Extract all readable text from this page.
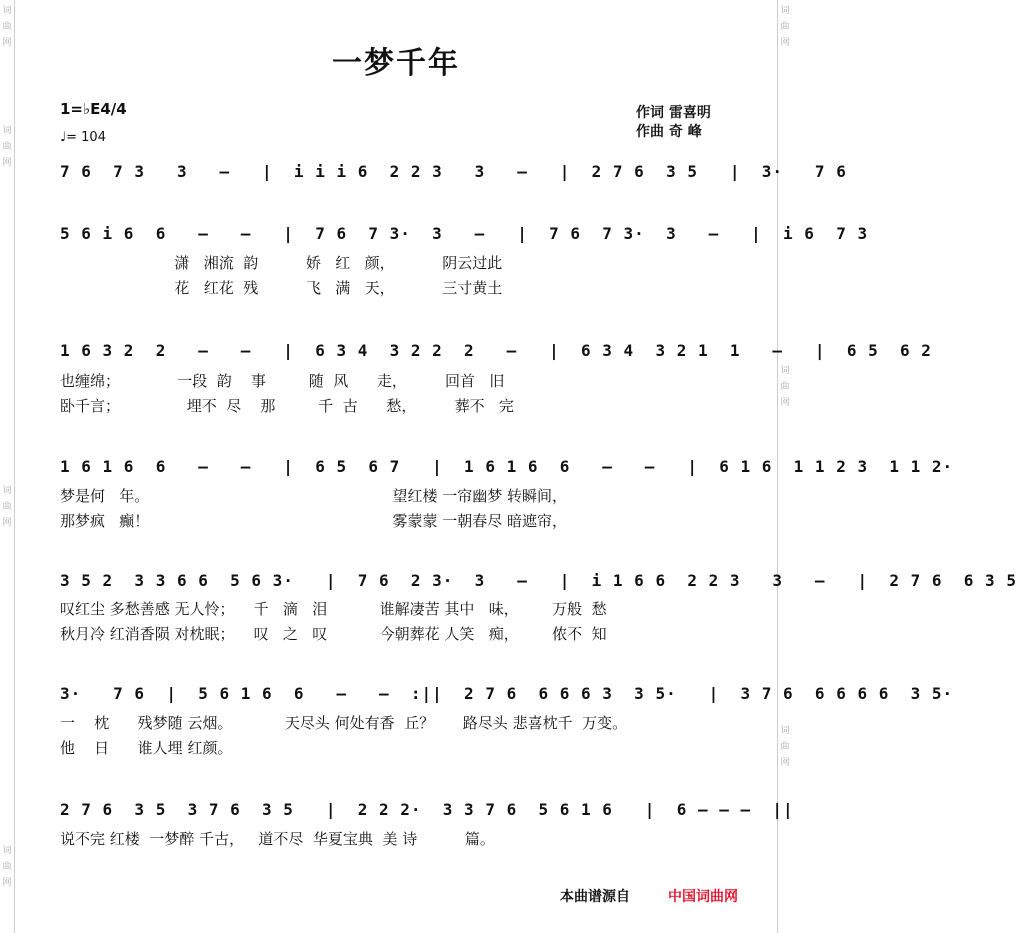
词
曲
网
词
曲
网
词
曲
网
词
曲
网
词
曲
网
词
曲
网
词
曲
网
一梦千年
1=♭E4/4
♩= 104
作词 雷喜明
作曲 奇 峰
7 6  7 3   3   –   |  i i i 6  2 2 3   3   –   |  2 7 6  3 5   |  3·   7 6
5 6 i 6  6   –   –   |  7 6  7 3·  3   –   |  7 6  7 3·  3   –   |  i 6  7 3
潇   湘流  韵          娇   红   颜，          阴云过此
花   红花  残          飞   满   天，          三寸黄土
1 6 3 2  2   –   –   |  6 3 4  3 2 2  2   –   |  6 3 4  3 2 1  1   –   |  6 5  6 2
也缠绵；            一段  韵    事         随  风      走，        回首   旧
卧千言；              埋不  尽    那         千  古      愁，        葬不   完
1 6 1 6  6   –   –   |  6 5  6 7   |  1 6 1 6  6   –   –   |  6 1 6  1 1 2 3  1 1 2·
梦是何   年。                                                   望红楼 一帘幽梦 转瞬间，
那梦疯   癫！                                                   雾蒙蒙 一朝春尽 暗遮帘，
3 5 2  3 3 6 6  5 6 3·   |  7 6  2 3·  3   –   |  i 1 6 6  2 2 3   3   –   |  2 7 6  6 3 5
叹红尘 多愁善感 无人怜；    千   滴   泪           谁解凄苦 其中   味，       万般  愁
秋月冷 红消香陨 对枕眠；    叹   之   叹           今朝葬花 人笑   痴，       侬不  知
3·   7 6  |  5 6 1 6  6   –   –  :||  2 7 6  6 6 6 3  3 5·   |  3 7 6  6 6 6 6  3 5·
一    枕      残梦随 云烟。           天尽头 何处有香  丘？      路尽头 悲喜枕千  万变。
他    日      谁人埋 红颜。
2 7 6  3 5  3 7 6  3 5   |  2 2 2·  3 3 7 6  5 6 1 6   |  6 – – –  ||
说不完 红楼  一梦醉 千古，   道不尽  华夏宝典  美 诗          篇。
本曲谱源自	中国词曲网
